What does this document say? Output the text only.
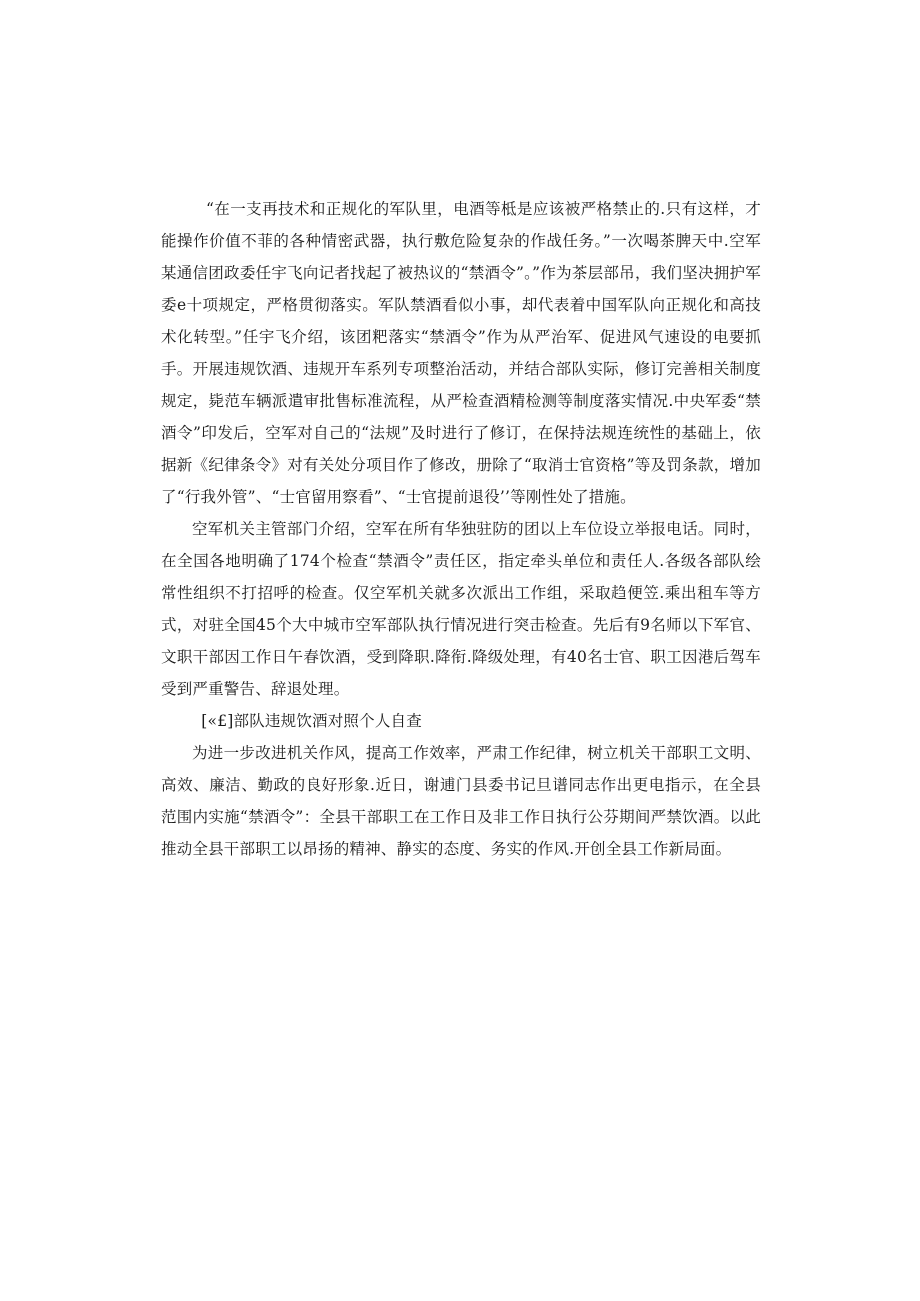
“在一支再技术和正规化的军队里，电酒等柢是应该被严格禁止的.只有这样，才能操作价值不菲的各种情密武器，执行敷危险复杂的作战任务。”一次喝茶脾天中.空军某通信团政委任宇飞向记者找起了被热议的“禁酒令”。”作为茶层部吊，我们坚决拥护军委e十项规定，严格贯彻落实。军队禁酒看似小事，却代表着中国军队向正规化和高技术化转型。”任宇飞介绍，该团粑落实“禁酒令”作为从严治军、促进风气速设的电要抓手。开展违规饮酒、违规开车系列专项整治活动，并结合部队实际，修订完善相关制度规定，毙范车辆派遣审批售标准流程，从严检查酒精检测等制度落实情况.中央军委“禁酒令”印发后，空军对自己的“法规”及时进行了修订，在保持法规连统性的基础上，依据新《纪律条令》对有关处分项目作了修改，册除了“取消士官资格”等及罚条款，增加了“行我外管”、“士官留用察看”、“士官提前退役’’等刚性处了措施。

空军机关主管部门介绍，空军在所有华独驻防的团以上车位设立举报电话。同时，在全国各地明确了174个检查“禁酒令”责任区，指定牵头单位和责任人.各级各部队绘常性组织不打招呼的检查。仅空军机关就多次派出工作组，采取趋便笠.乘出租车等方式，对驻全国45个大中城市空军部队执行情况进行突击检查。先后有9名师以下军官、文职干部因工作日午春饮酒，受到降职.降衔.降级处理，有40名士官、职工因港后驾车受到严重警告、辞退处理。

[«£]部队违规饮酒对照个人自查

为进一步改进机关作风，提高工作效率，严肃工作纪律，树立机关干部职工文明、高效、廉洁、勤政的良好形象.近日，谢逋门县委书记旦谱同志作出更电指示，在全县范围内实施“禁酒令”：全县干部职工在工作日及非工作日执行公芬期间严禁饮酒。以此推动全县干部职工以昂扬的精神、静实的态度、务实的作风.开创全县工作新局面。
